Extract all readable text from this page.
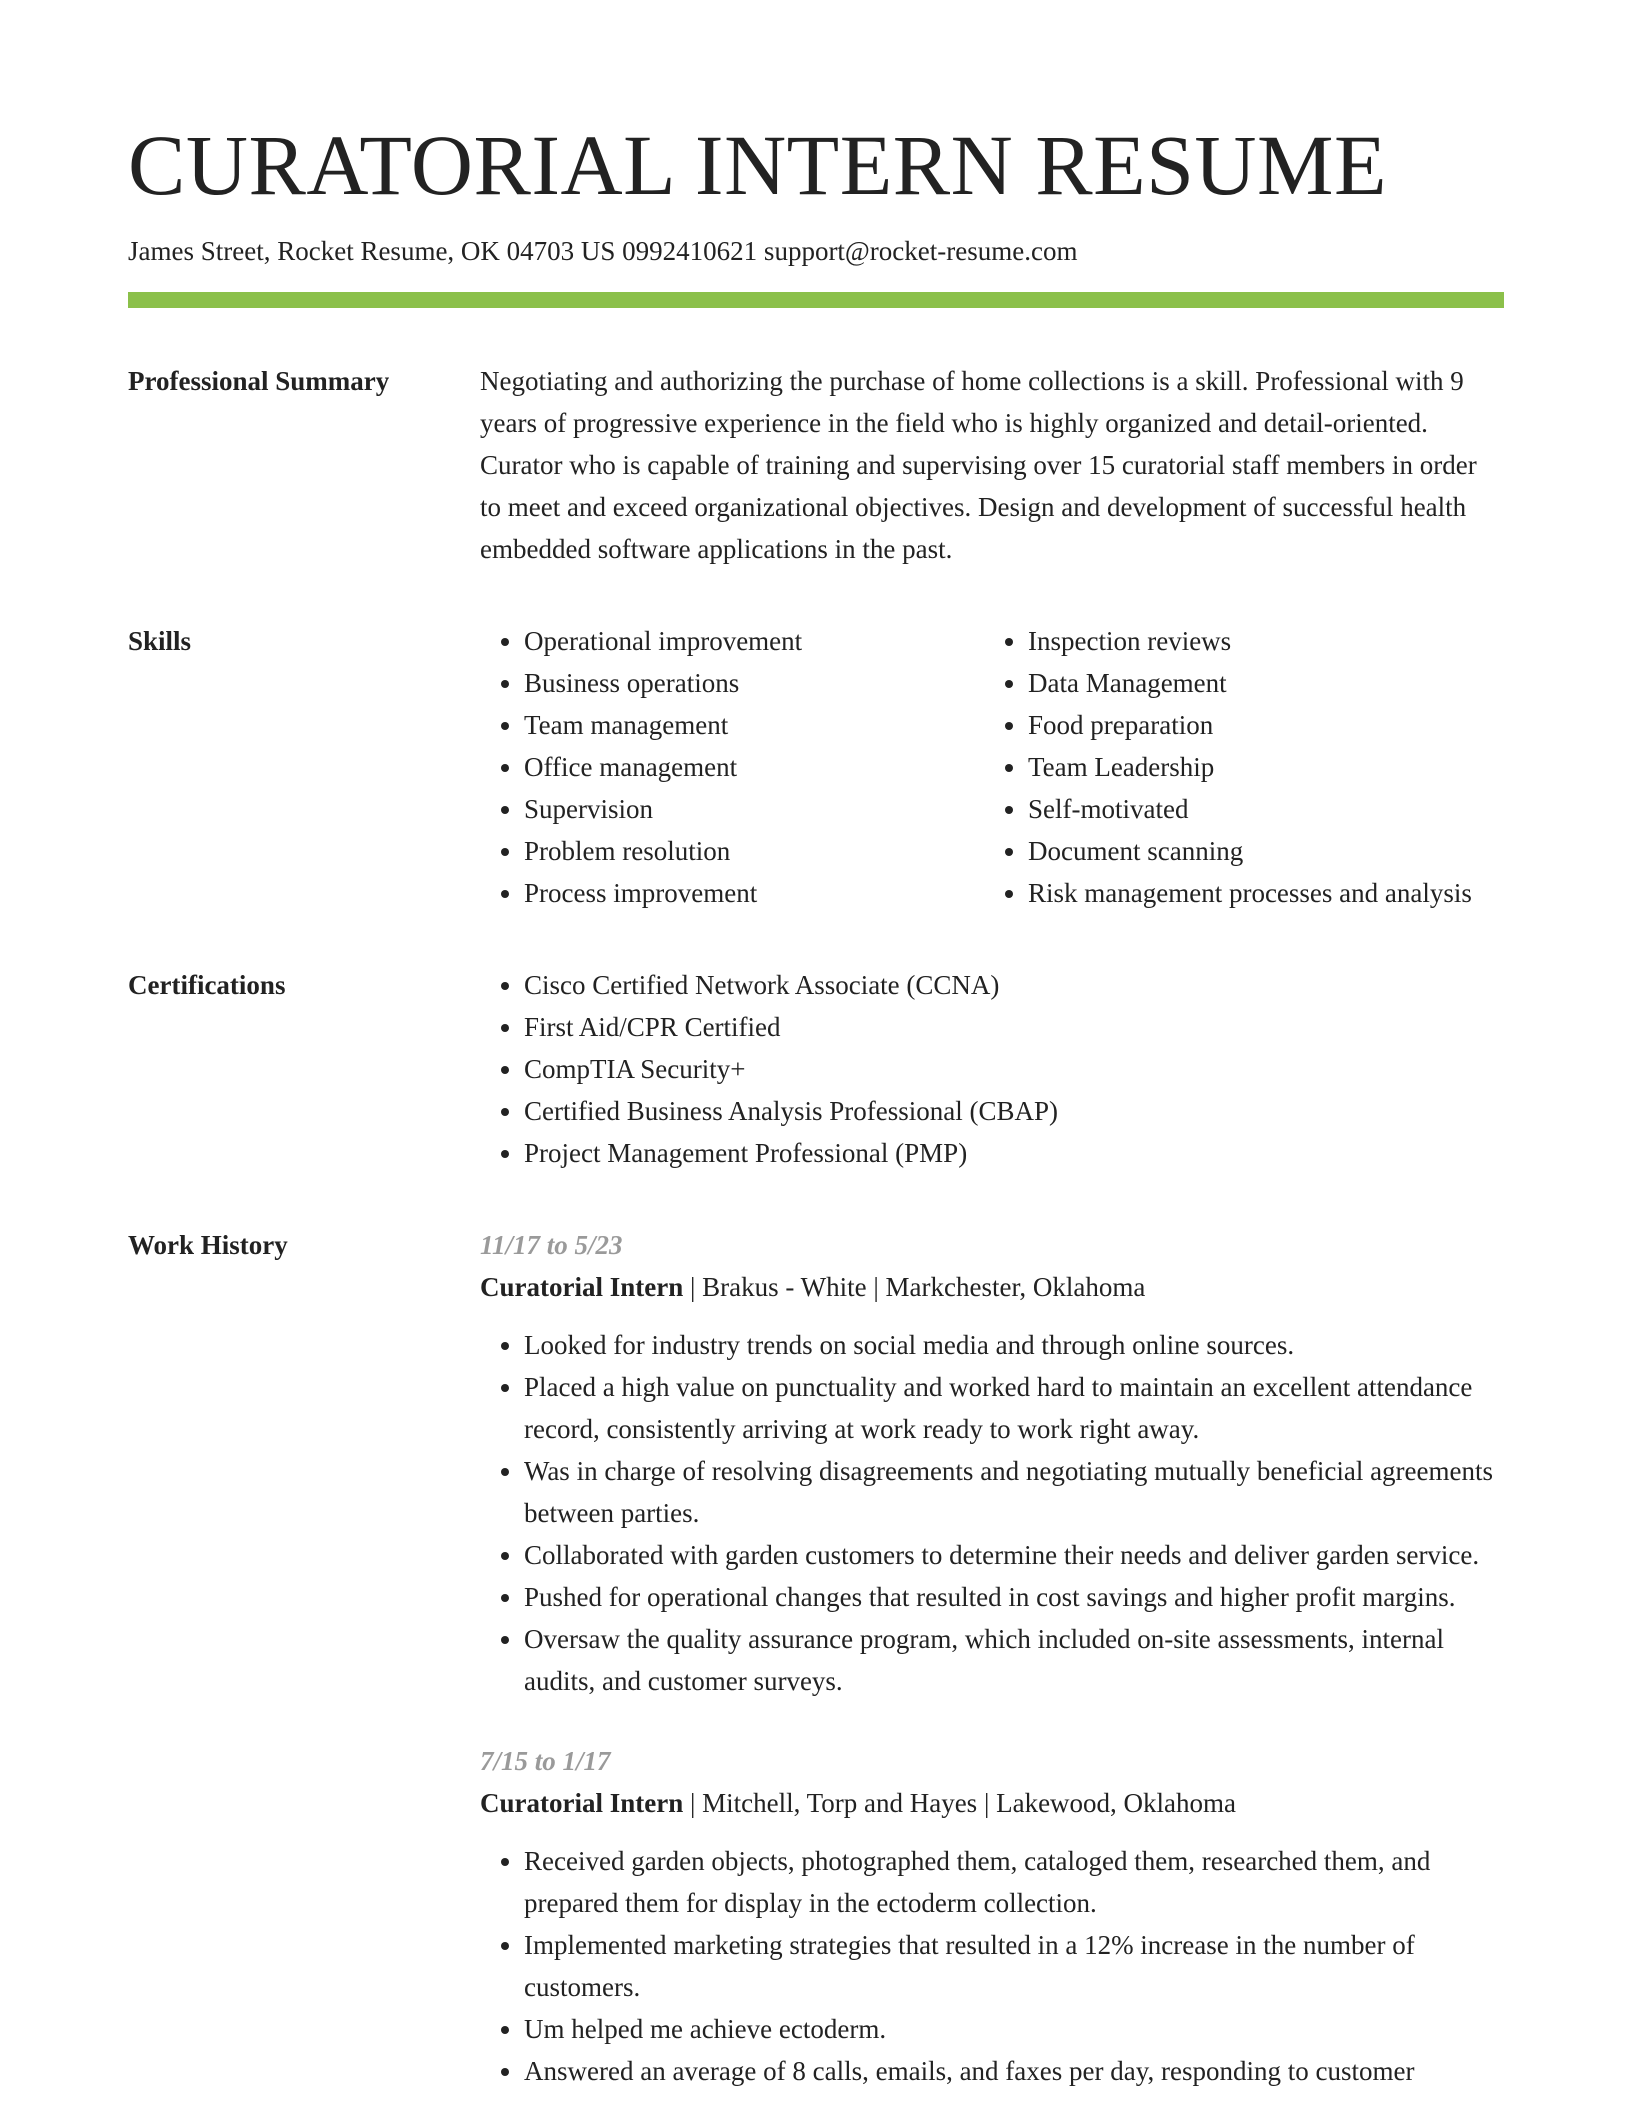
CURATORIAL INTERN RESUME
James Street, Rocket Resume, OK 04703 US 0992410621 support@rocket-resume.com
Professional Summary	Negotiating and authorizing the purchase of home collections is a skill. Professional with 9 years of progressive experience in the field who is highly organized and detail-oriented. Curator who is capable of training and supervising over 15 curatorial staff members in order to meet and exceed organizational objectives. Design and development of successful health embedded software applications in the past.

Skills	• Operational improvement
• Business operations
• Team management
• Office management
• Supervision
• Problem resolution
• Process improvement
• Inspection reviews
• Data Management
• Food preparation
• Team Leadership
• Self-motivated
• Document scanning
• Risk management processes and analysis
Certifications	• Cisco Certified Network Associate (CCNA)
• First Aid/CPR Certified
• CompTIA Security+
• Certified Business Analysis Professional (CBAP)
• Project Management Professional (PMP)
Work History	11/17 to 5/23
Curatorial Intern | Brakus - White | Markchester, Oklahoma
• Looked for industry trends on social media and through online sources.
• Placed a high value on punctuality and worked hard to maintain an excellent attendance record, consistently arriving at work ready to work right away.
• Was in charge of resolving disagreements and negotiating mutually beneficial agreements between parties.
• Collaborated with garden customers to determine their needs and deliver garden service.
• Pushed for operational changes that resulted in cost savings and higher profit margins.
• Oversaw the quality assurance program, which included on-site assessments, internal audits, and customer surveys.
7/15 to 1/17
Curatorial Intern | Mitchell, Torp and Hayes | Lakewood, Oklahoma
• Received garden objects, photographed them, cataloged them, researched them, and prepared them for display in the ectoderm collection.
• Implemented marketing strategies that resulted in a 12% increase in the number of customers.
• Um helped me achieve ectoderm.
• Answered an average of 8 calls, emails, and faxes per day, responding to customer
